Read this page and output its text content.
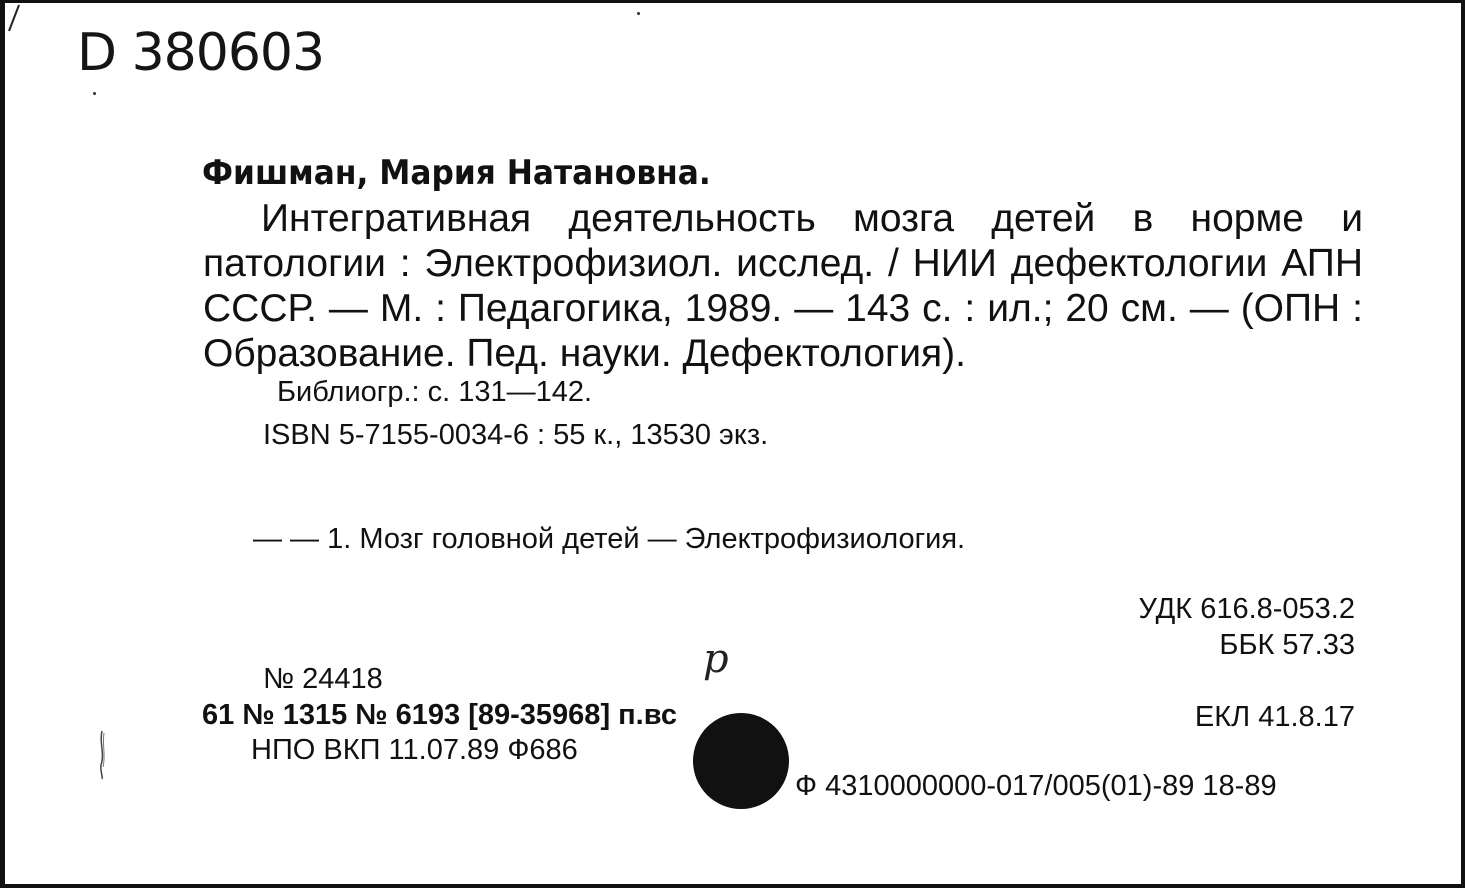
D 380603
Фишман, Мария Натановна.
Интегративная деятельность мозга детей в норме и патологии : Электрофизиол. исслед. / НИИ дефектологии АПН СССР. — М. : Педагогика, 1989. — 143 с. : ил.; 20 см. — (ОПН : Образование. Пед. науки. Дефектология).
Библиогр.: с. 131—142.
ISBN 5-7155-0034-6 : 55 к., 13530 экз.
— — 1. Мозг головной детей — Электрофизиология.
УДК 616.8-053.2
ББК 57.33
р
№ 24418
61 № 1315 № 6193 [89-35968] п.вс
НПО ВКП 11.07.89 Ф686
ЕКЛ 41.8.17
Ф 4310000000-017/005(01)-89 18-89
